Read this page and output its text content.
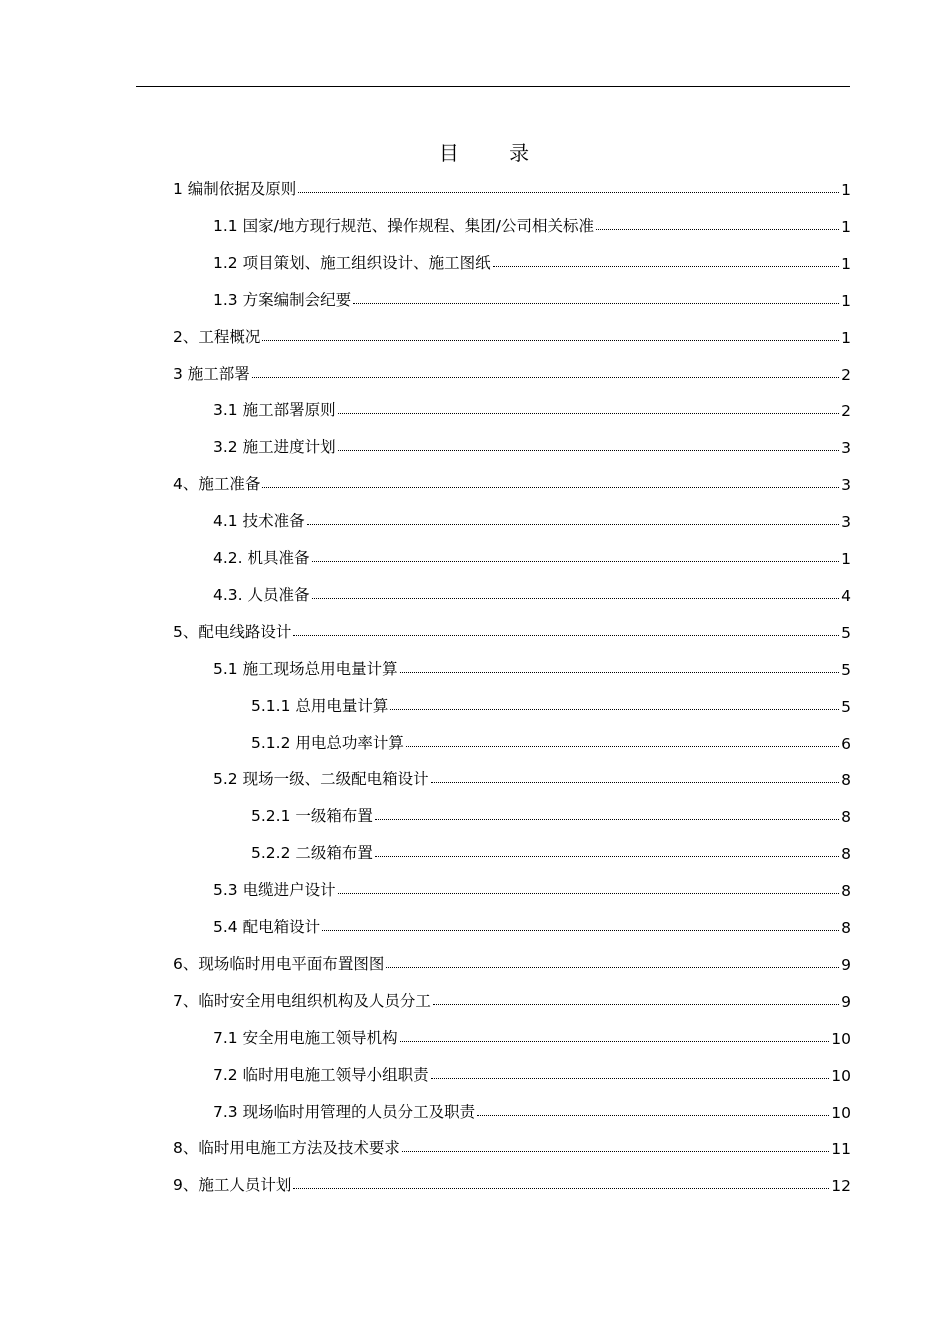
目 录
1 编制依据及原则	1
1.1 国家/地方现行规范、操作规程、集团/公司相关标准	1
1.2 项目策划、施工组织设计、施工图纸	1
1.3 方案编制会纪要	1
2、工程概况	1
3 施工部署	2
3.1 施工部署原则	2
3.2 施工进度计划	3
4、施工准备	3
4.1 技术准备	3
4.2. 机具准备	1
4.3. 人员准备	4
5、配电线路设计	5
5.1 施工现场总用电量计算	5
5.1.1 总用电量计算	5
5.1.2 用电总功率计算	6
5.2 现场一级、二级配电箱设计	8
5.2.1 一级箱布置	8
5.2.2 二级箱布置	8
5.3 电缆进户设计	8
5.4 配电箱设计	8
6、现场临时用电平面布置图图	9
7、临时安全用电组织机构及人员分工	9
7.1 安全用电施工领导机构	10
7.2 临时用电施工领导小组职责	10
7.3 现场临时用管理的人员分工及职责	10
8、临时用电施工方法及技术要求	11
9、施工人员计划	12
